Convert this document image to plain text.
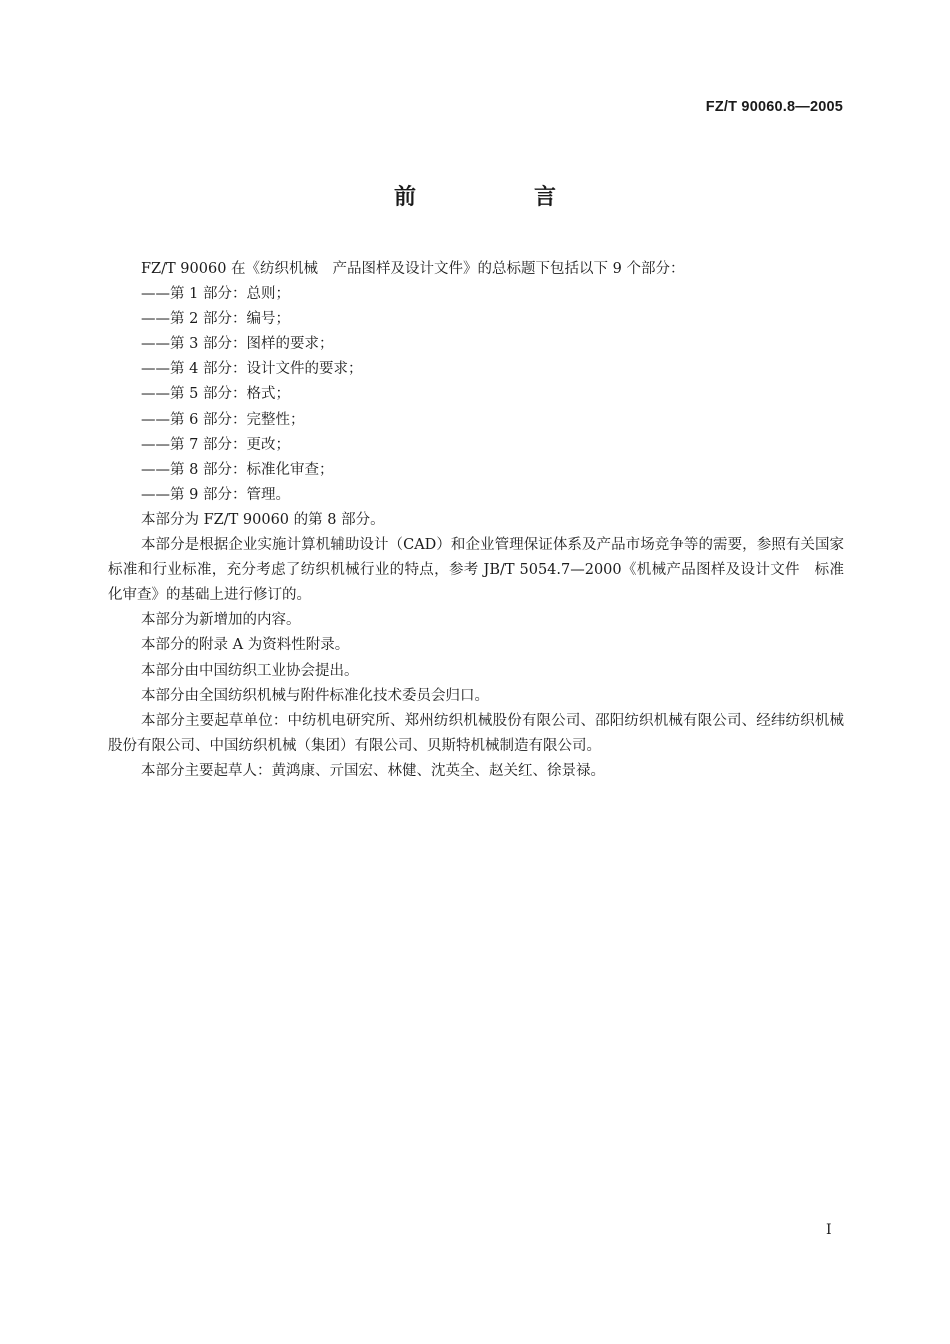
FZ/T 90060.8—2005
前　言

FZ/T 90060 在《纺织机械　产品图样及设计文件》的总标题下包括以下 9 个部分：

——第 1 部分：总则；

——第 2 部分：编号；

——第 3 部分：图样的要求；

——第 4 部分：设计文件的要求；

——第 5 部分：格式；

——第 6 部分：完整性；

——第 7 部分：更改；

——第 8 部分：标准化审查；

——第 9 部分：管理。

本部分为 FZ/T 90060 的第 8 部分。

本部分是根据企业实施计算机辅助设计（CAD）和企业管理保证体系及产品市场竞争等的需要，参照有关国家标准和行业标准，充分考虑了纺织机械行业的特点，参考 JB/T 5054.7—2000《机械产品图样及设计文件　标准化审查》的基础上进行修订的。

本部分为新增加的内容。

本部分的附录 A 为资料性附录。

本部分由中国纺织工业协会提出。

本部分由全国纺织机械与附件标准化技术委员会归口。

本部分主要起草单位：中纺机电研究所、郑州纺织机械股份有限公司、邵阳纺织机械有限公司、经纬纺织机械股份有限公司、中国纺织机械（集团）有限公司、贝斯特机械制造有限公司。

本部分主要起草人：黄鸿康、亓国宏、林健、沈英全、赵关红、徐景禄。

I
